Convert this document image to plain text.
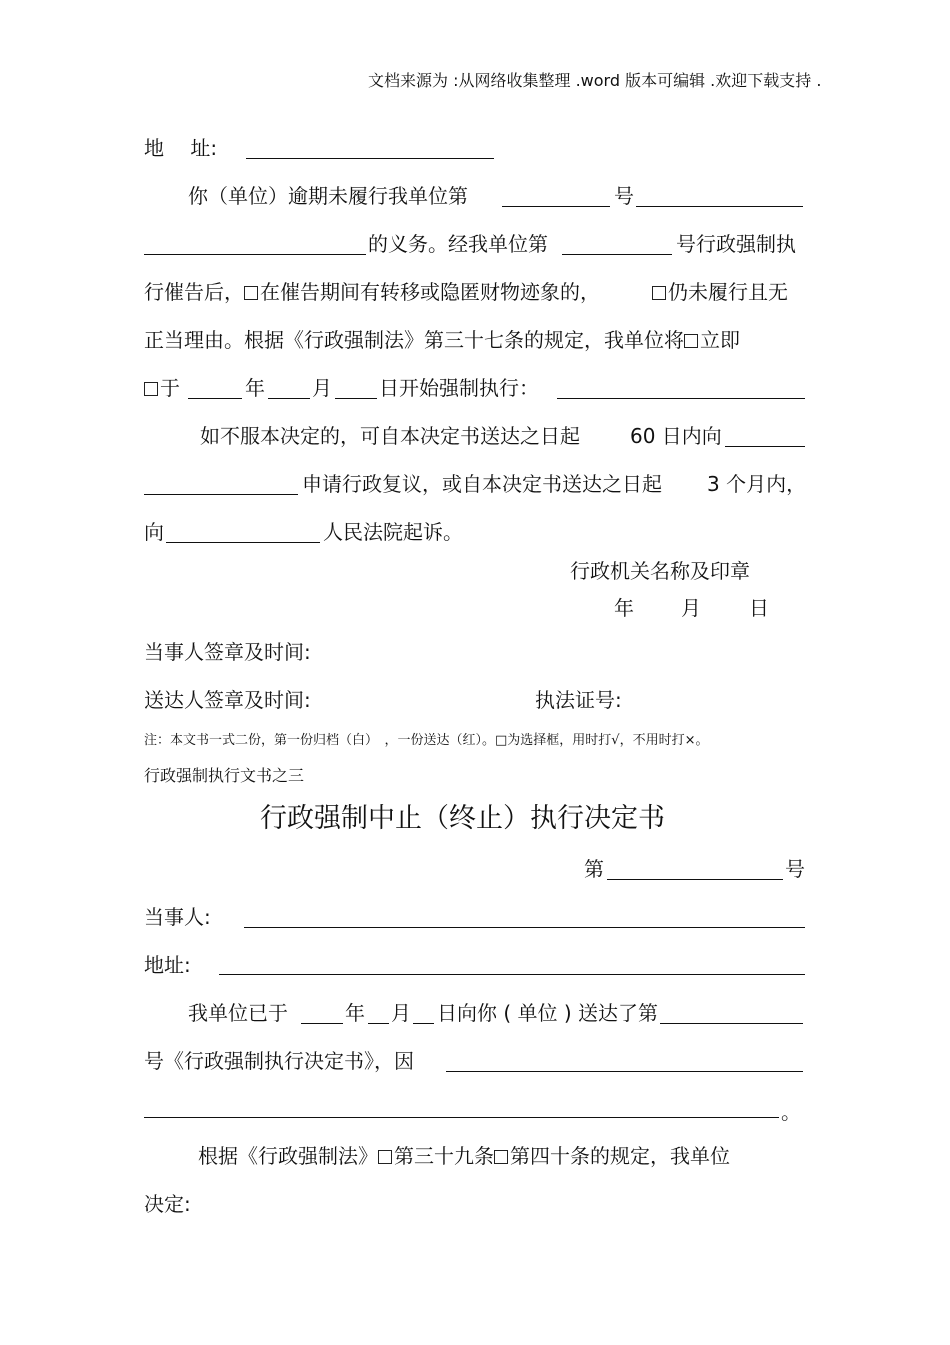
文档来源为 :从网络收集整理 .word 版本可编辑 .欢迎下载支持 .
地　 址:
你（单位）逾期未履行我单位第	号
的义务。经我单位第	号行政强制执
行催告后， 在催告期间有转移或隐匿财物迹象的，	仍未履行且无
正当理由。根据《行政强制法》第三十七条的规定，我单位将 立即
于	年 月 日开始强制执行：
如不服本决定的，可自本决定书送达之日起	60 日内向
申请行政复议，或自本决定书送达之日起 3 个月内，
向	人民法院起诉。
行政机关名称及印章
年 月 日
当事人签章及时间:
送达人签章及时间:	执法证号:
注：本文书一式二份，第一份归档（白）　，一份送达（红）。□为选择框，用时打√，不用时打×。
行政强制执行文书之三
行政强制中止（终止）执行决定书
第	号
当事人:
地址:
我单位已于	年 月 日向你 ( 单位 ) 送达了第
号《行政强制执行决定书》，因
。
根据《行政强制法》 第三十九条 第四十条的规定，我单位
决定:
